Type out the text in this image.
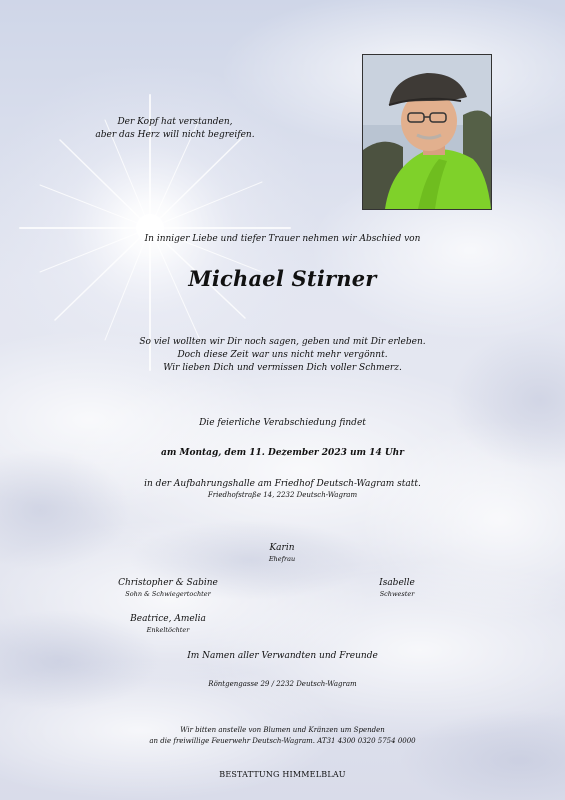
Der Kopf hat verstanden,
aber das Herz will nicht begreifen.
In inniger Liebe und tiefer Trauer nehmen wir Abschied von
Michael Stirner
So viel wollten wir Dir noch sagen, geben und mit Dir erleben.
Doch diese Zeit war uns nicht mehr vergönnt.
Wir lieben Dich und vermissen Dich voller Schmerz.
Die feierliche Verabschiedung findet
am Montag, dem 11. Dezember 2023 um 14 Uhr
in der Aufbahrungshalle am Friedhof Deutsch-Wagram statt.
Friedhofstraße 14, 2232 Deutsch-Wagram
Karin
Ehefrau
Christopher & Sabine
Sohn & Schwiegertochter
Isabelle
Schwester
Beatrice, Amelia
Enkeltöchter
Im Namen aller Verwandten und Freunde
Röntgengasse 29 / 2232 Deutsch-Wagram
Wir bitten anstelle von Blumen und Kränzen um Spenden
an die freiwillige Feuerwehr Deutsch-Wagram. AT31 4300 0320 5754 0000
BESTATTUNG HIMMELBLAU
